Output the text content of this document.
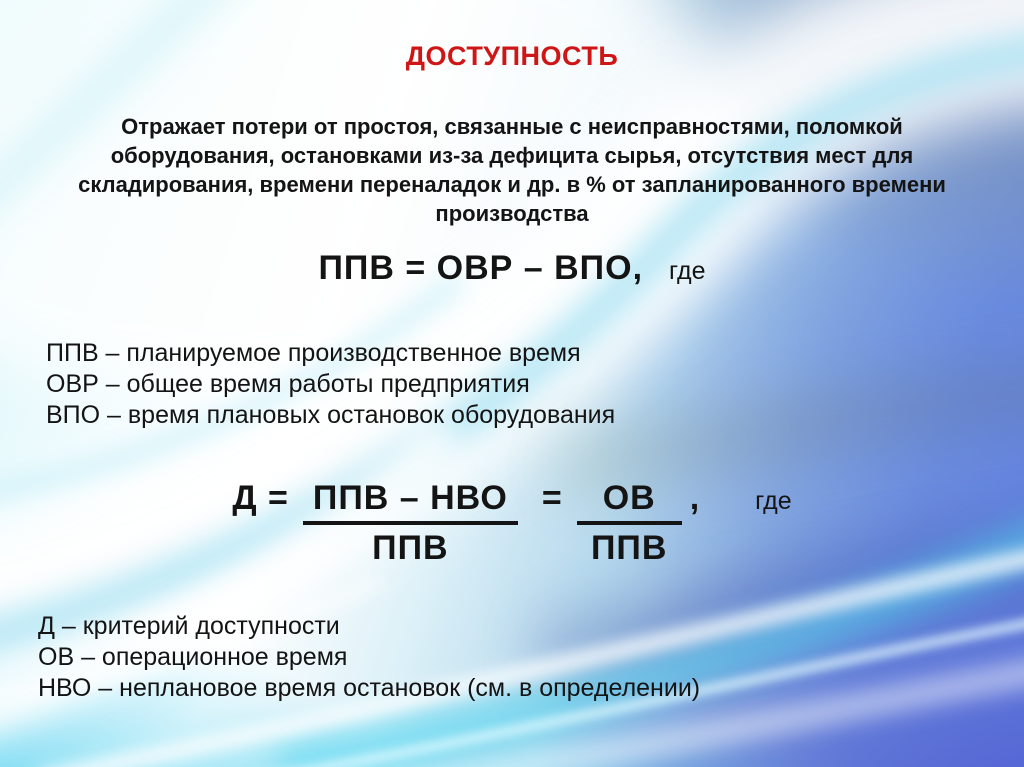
ДОСТУПНОСТЬ
Отражает потери от простоя, связанные с неисправностями, поломкой
оборудования, остановками из-за дефицита сырья, отсутствия мест для
складирования, времени переналадок и др. в % от запланированного времени
производства
ППВ = ОВР – ВПО, где
ППВ – планируемое производственное время
ОВР – общее время работы предприятия
ВПО – время плановых остановок оборудования
$Д = \frac{\text{ППВ – НВО}}{\text{ППВ}} = \frac{ОВ}{\text{ППВ}}$ , где
Д – критерий доступности
ОВ – операционное время
НВО – неплановое время остановок (см. в определении)
